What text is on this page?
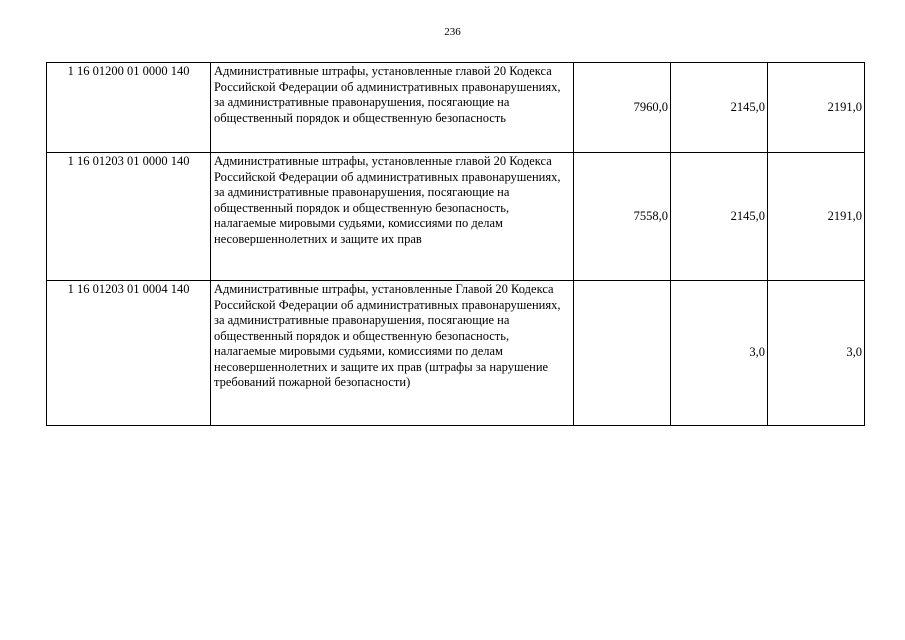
236
1 16 01200 01 0000 140	Административные штрафы, установленные главой 20 Кодекса Российской Федерации об административных правонарушениях, за административные правонарушения, посягающие на общественный порядок и общественную безопасность	7960,0	2145,0	2191,0
1 16 01203 01 0000 140	Административные штрафы, установленные главой 20 Кодекса Российской Федерации об административных правонарушениях, за административные правонарушения, посягающие на общественный порядок и общественную безопасность, налагаемые мировыми судьями, комиссиями по делам несовершеннолетних и защите их прав	7558,0	2145,0	2191,0
1 16 01203 01 0004 140	Административные штрафы, установленные Главой 20 Кодекса Российской Федерации об административных правонарушениях, за административные правонарушения, посягающие на общественный порядок и общественную безопасность, налагаемые мировыми судьями, комиссиями по делам несовершеннолетних и защите их прав (штрафы за нарушение требований пожарной безопасности)		3,0	3,0
